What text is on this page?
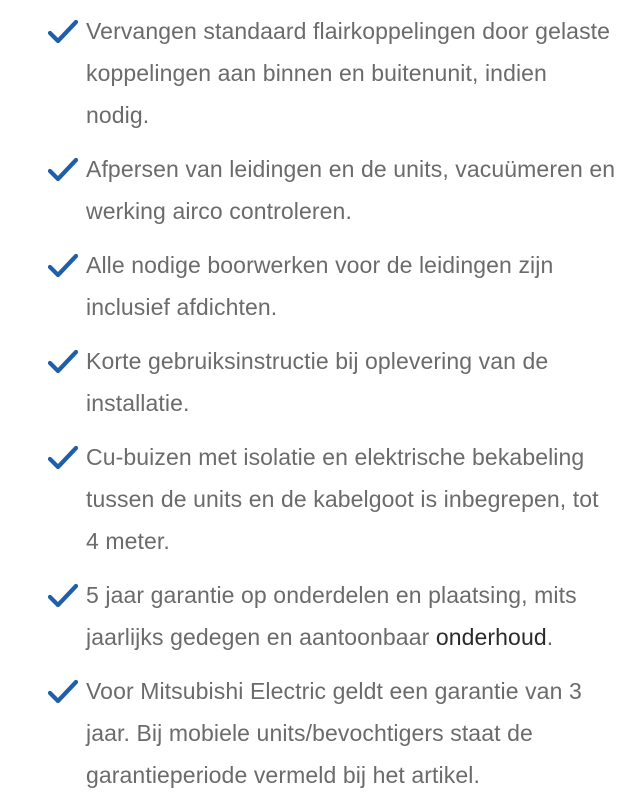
Vervangen standaard flairkoppelingen door gelaste koppelingen aan binnen en buitenunit, indien nodig.
Afpersen van leidingen en de units, vacuümeren en werking airco controleren.
Alle nodige boorwerken voor de leidingen zijn inclusief afdichten.
Korte gebruiksinstructie bij oplevering van de installatie.
Cu-buizen met isolatie en elektrische bekabeling tussen de units en de kabelgoot is inbegrepen, tot 4 meter.
5 jaar garantie op onderdelen en plaatsing, mits jaarlijks gedegen en aantoonbaar onderhoud.
Voor Mitsubishi Electric geldt een garantie van 3 jaar. Bij mobiele units/bevochtigers staat de garantieperiode vermeld bij het artikel.
